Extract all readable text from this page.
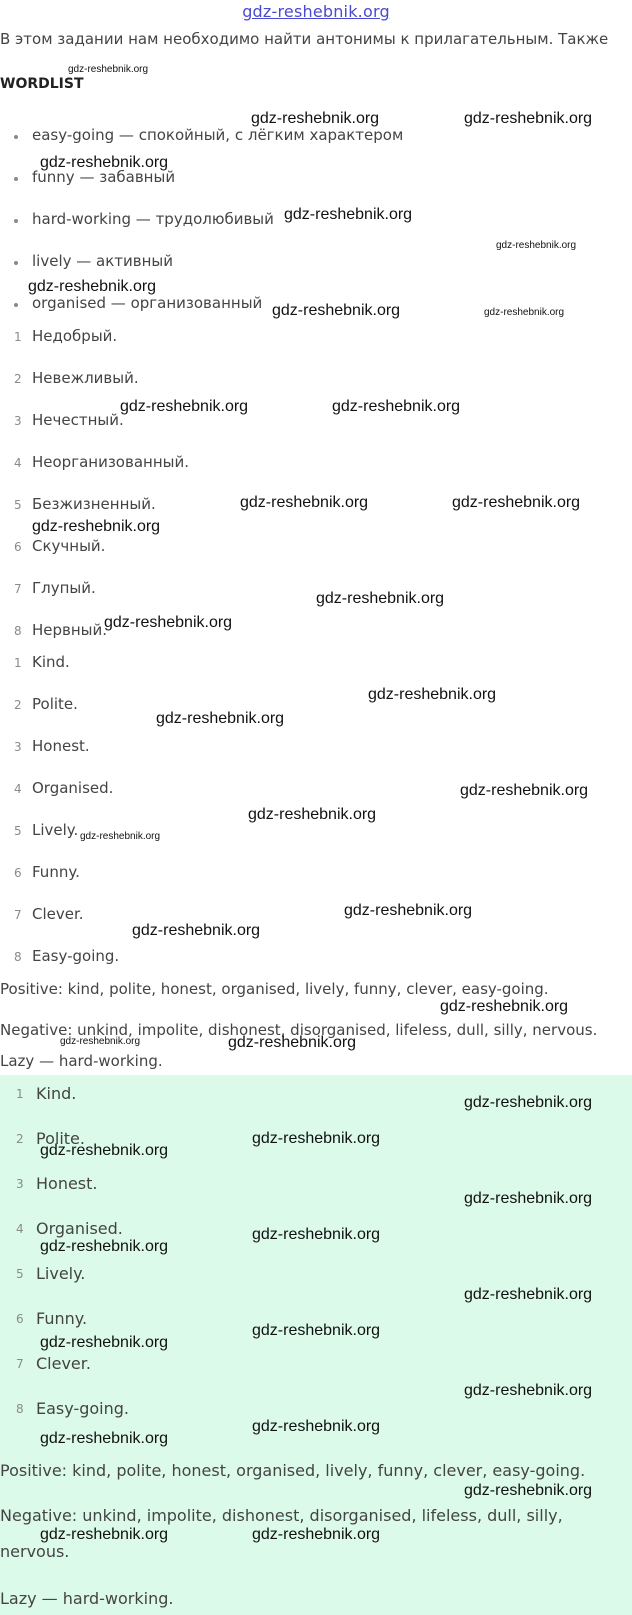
gdz-reshebnik.org
В этом задании нам необходимо найти антонимы к прилагательным. Также
WORDLIST
easy-going — спокойный, с лёгким характером
funny — забавный
hard-working — трудолюбивый
lively — активный
organised — организованный
1 Недобрый.
2 Невежливый.
3 Нечестный.
4 Неорганизованный.
5 Безжизненный.
6 Скучный.
7 Глупый.
8 Нервный.
1 Kind.
2 Polite.
3 Honest.
4 Organised.
5 Lively.
6 Funny.
7 Clever.
8 Easy-going.
Positive: kind, polite, honest, organised, lively, funny, clever, easy-going.
Negative: unkind, impolite, dishonest, disorganised, lifeless, dull, silly, nervous.
Lazy — hard-working.
1 Kind.
2 Polite.
3 Honest.
4 Organised.
5 Lively.
6 Funny.
7 Clever.
8 Easy-going.
Positive: kind, polite, honest, organised, lively, funny, clever, easy-going.
Negative: unkind, impolite, dishonest, disorganised, lifeless, dull, silly,
nervous.
Lazy — hard-working.
gdz-reshebnik.org
gdz-reshebnik.org	gdz-reshebnik.org
gdz-reshebnik.org
gdz-reshebnik.org
gdz-reshebnik.org
gdz-reshebnik.org
gdz-reshebnik.org	gdz-reshebnik.org
gdz-reshebnik.org	gdz-reshebnik.org
gdz-reshebnik.org	gdz-reshebnik.org
gdz-reshebnik.org
gdz-reshebnik.org
gdz-reshebnik.org
gdz-reshebnik.org
gdz-reshebnik.org
gdz-reshebnik.org
gdz-reshebnik.org
gdz-reshebnik.org
gdz-reshebnik.org
gdz-reshebnik.org
gdz-reshebnik.org
gdz-reshebnik.org	gdz-reshebnik.org
gdz-reshebnik.org
gdz-reshebnik.org
gdz-reshebnik.org
gdz-reshebnik.org
gdz-reshebnik.org
gdz-reshebnik.org
gdz-reshebnik.org
gdz-reshebnik.org
gdz-reshebnik.org
gdz-reshebnik.org
gdz-reshebnik.org
gdz-reshebnik.org
gdz-reshebnik.org
gdz-reshebnik.org	gdz-reshebnik.org
